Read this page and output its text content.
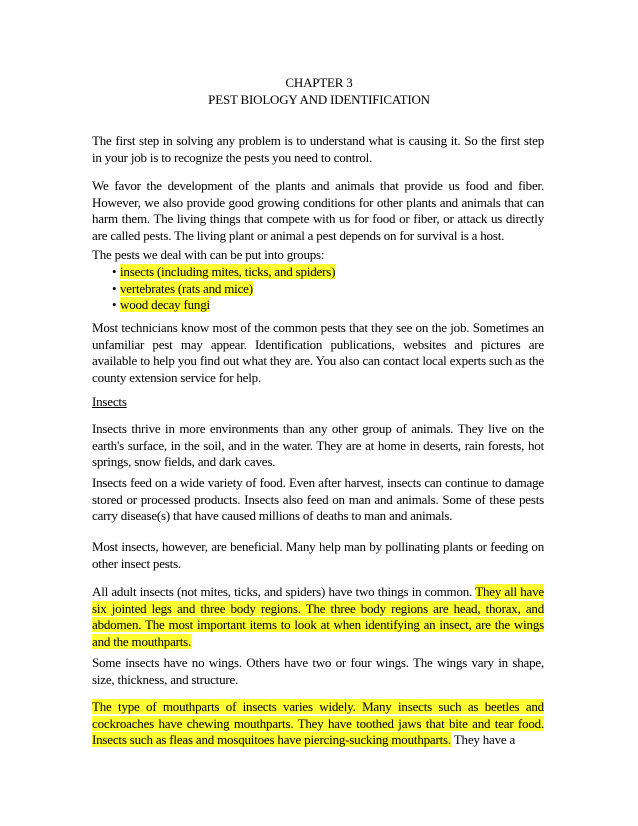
CHAPTER 3
PEST BIOLOGY AND IDENTIFICATION
The first step in solving any problem is to understand what is causing it. So the first step in your job is to recognize the pests you need to control.
We favor the development of the plants and animals that provide us food and fiber. However, we also provide good growing conditions for other plants and animals that can harm them. The living things that compete with us for food or fiber, or attack us directly are called pests. The living plant or animal a pest depends on for survival is a host.
The pests we deal with can be put into groups:
• insects (including mites, ticks, and spiders)
• vertebrates (rats and mice)
• wood decay fungi
Most technicians know most of the common pests that they see on the job. Sometimes an unfamiliar pest may appear. Identification publications, websites and pictures are available to help you find out what they are. You also can contact local experts such as the county extension service for help.
Insects
Insects thrive in more environments than any other group of animals. They live on the earth's surface, in the soil, and in the water. They are at home in deserts, rain forests, hot springs, snow fields, and dark caves.
Insects feed on a wide variety of food. Even after harvest, insects can continue to damage stored or processed products. Insects also feed on man and animals. Some of these pests carry disease(s) that have caused millions of deaths to man and animals.
Most insects, however, are beneficial. Many help man by pollinating plants or feeding on other insect pests.
All adult insects (not mites, ticks, and spiders) have two things in common. They all have six jointed legs and three body regions. The three body regions are head, thorax, and abdomen. The most important items to look at when identifying an insect, are the wings and the mouthparts.
Some insects have no wings. Others have two or four wings. The wings vary in shape, size, thickness, and structure.
The type of mouthparts of insects varies widely. Many insects such as beetles and cockroaches have chewing mouthparts. They have toothed jaws that bite and tear food. Insects such as fleas and mosquitoes have piercing-sucking mouthparts. They have a
